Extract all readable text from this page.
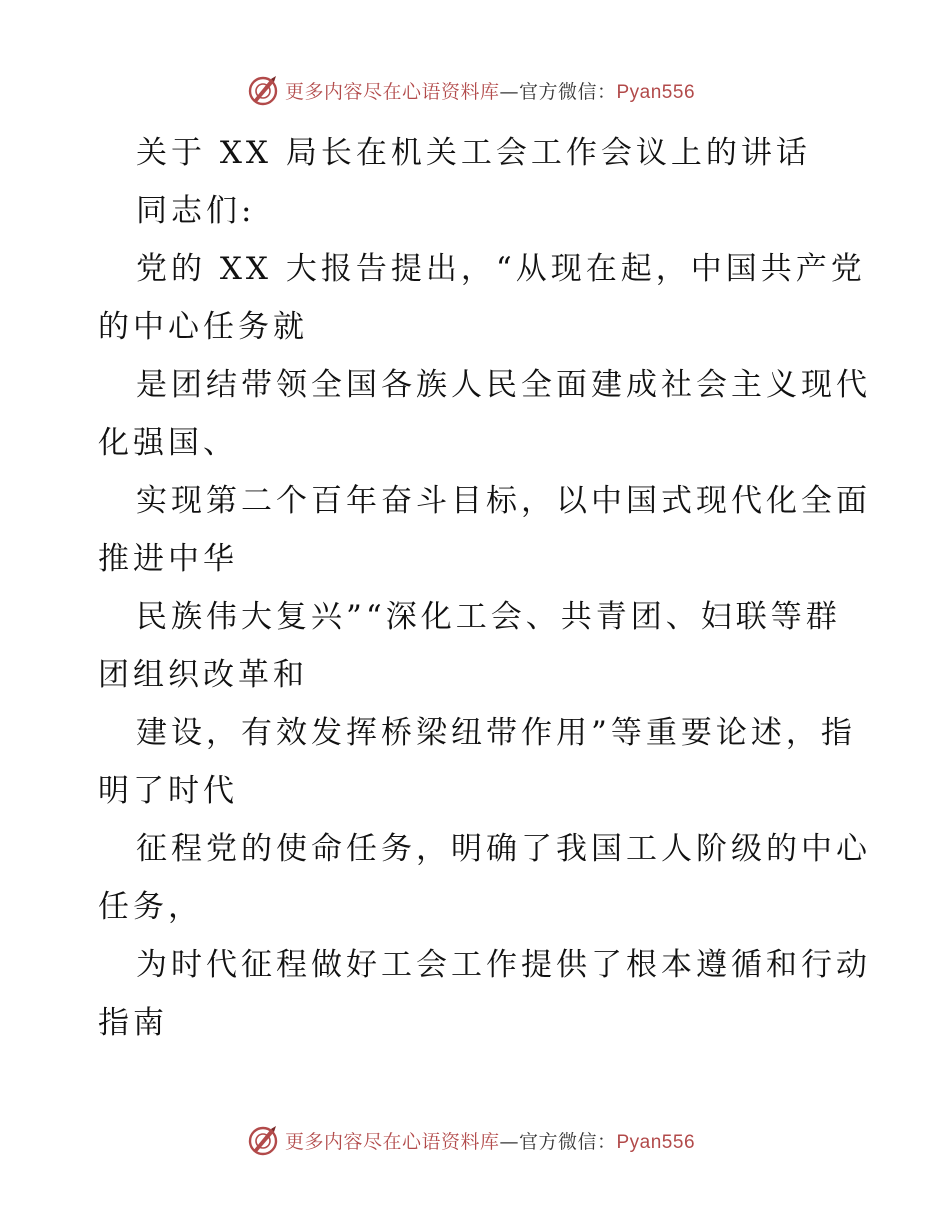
更多内容尽在心语资料库—官方微信：Pyan556
关于 XX 局长在机关工会工作会议上的讲话
同志们:
党的 XX 大报告提出，“从现在起，中国共产党
的中心任务就
是团结带领全国各族人民全面建成社会主义现代
化强国、
实现第二个百年奋斗目标，以中国式现代化全面
推进中华
民族伟大复兴”“深化工会、共青团、妇联等群
团组织改革和
建设，有效发挥桥梁纽带作用”等重要论述，指
明了时代
征程党的使命任务，明确了我国工人阶级的中心
任务，
为时代征程做好工会工作提供了根本遵循和行动
指南
更多内容尽在心语资料库—官方微信：Pyan556
